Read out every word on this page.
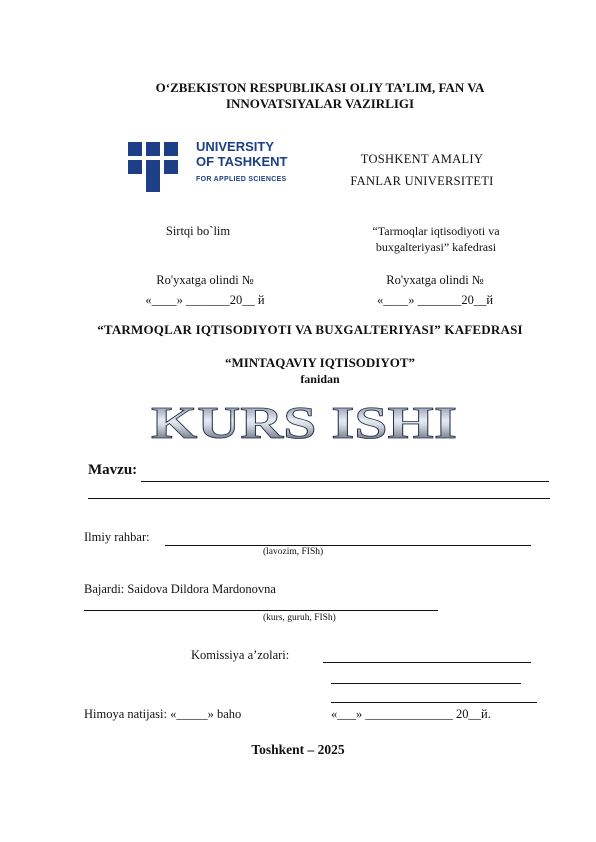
O‘ZBEKISTON RESPUBLIKASI OLIY TA’LIM, FAN VA
INNOVATSIYALAR VAZIRLIGI
UNIVERSITY
OF TASHKENT
FOR APPLIED SCIENCES
TOSHKENT AMALIY
FANLAR UNIVERSITETI
Sirtqi bo`lim	“Tarmoqlar iqtisodiyoti va
buxgalteriyasi” kafedrasi
Ro'yxatga olindi №
«____» _______20__ й
Ro'yxatga olindi №
«____» _______20__й
“TARMOQLAR IQTISODIYOTI VA BUXGALTERIYASI” KAFEDRASI
“MINTAQAVIY IQTISODIYOT”
fanidan
KURS ISHI
Mavzu:
Ilmiy rahbar:
(lavozim, FISh)
Bajardi: Saidova Dildora Mardonovna
(kurs, guruh, FISh)
Komissiya a’zolari:
Himoya natijasi: «_____» baho	«___» ______________ 20__й.
Toshkent – 2025
